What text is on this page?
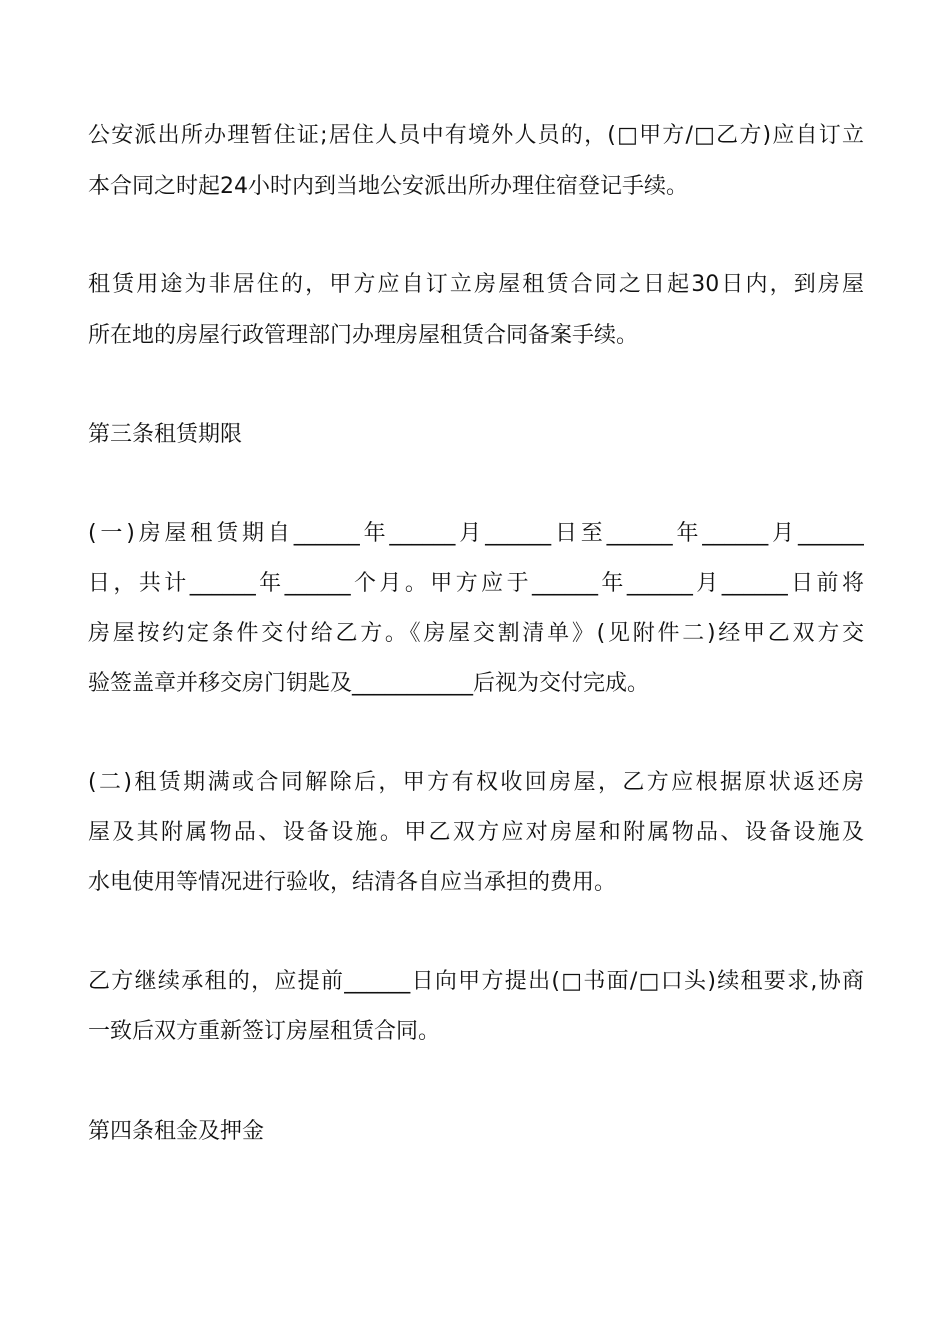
公安派出所办理暂住证;居住人员中有境外人员的，(□甲方/□乙方)应自订立
本合同之时起24小时内到当地公安派出所办理住宿登记手续。
租赁用途为非居住的，甲方应自订立房屋租赁合同之日起30日内，到房屋
所在地的房屋行政管理部门办理房屋租赁合同备案手续。
第三条租赁期限
(一)房屋租赁期自______年______月______日至______年______月______
日，共计______年______个月。甲方应于______年______月______日前将
房屋按约定条件交付给乙方。《房屋交割清单》(见附件二)经甲乙双方交
验签盖章并移交房门钥匙及___________后视为交付完成。
(二)租赁期满或合同解除后，甲方有权收回房屋，乙方应根据原状返还房
屋及其附属物品、设备设施。甲乙双方应对房屋和附属物品、设备设施及
水电使用等情况进行验收，结清各自应当承担的费用。
乙方继续承租的，应提前______日向甲方提出(□书面/□口头)续租要求,协商
一致后双方重新签订房屋租赁合同。
第四条租金及押金
